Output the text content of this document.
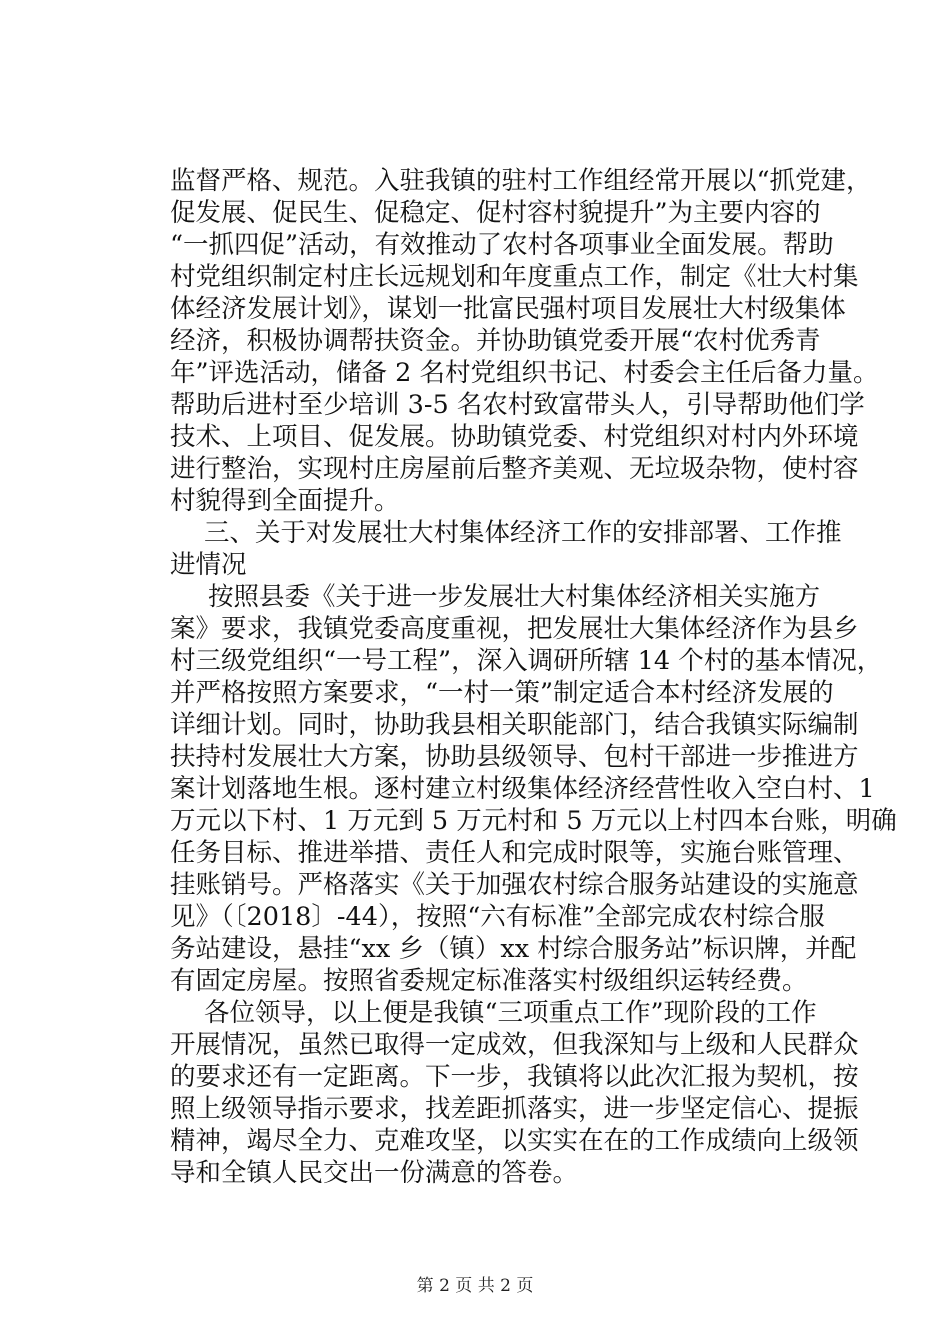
监督严格、规范。入驻我镇的驻村工作组经常开展以“抓党建，
促发展、促民生、促稳定、促村容村貌提升”为主要内容的
“一抓四促”活动，有效推动了农村各项事业全面发展。帮助
村党组织制定村庄长远规划和年度重点工作，制定《壮大村集
体经济发展计划》，谋划一批富民强村项目发展壮大村级集体
经济，积极协调帮扶资金。并协助镇党委开展“农村优秀青
年”评选活动，储备 2 名村党组织书记、村委会主任后备力量。
帮助后进村至少培训 3-5 名农村致富带头人，引导帮助他们学
技术、上项目、促发展。协助镇党委、村党组织对村内外环境
进行整治，实现村庄房屋前后整齐美观、无垃圾杂物，使村容
村貌得到全面提升。
三、关于对发展壮大村集体经济工作的安排部署、工作推
进情况
按照县委《关于进一步发展壮大村集体经济相关实施方
案》要求，我镇党委高度重视，把发展壮大集体经济作为县乡
村三级党组织“一号工程”，深入调研所辖 14 个村的基本情况，
并严格按照方案要求，“一村一策”制定适合本村经济发展的
详细计划。同时，协助我县相关职能部门，结合我镇实际编制
扶持村发展壮大方案，协助县级领导、包村干部进一步推进方
案计划落地生根。逐村建立村级集体经济经营性收入空白村、1
万元以下村、1 万元到 5 万元村和 5 万元以上村四本台账，明确
任务目标、推进举措、责任人和完成时限等，实施台账管理、
挂账销号。严格落实《关于加强农村综合服务站建设的实施意
见》（〔2018〕-44），按照“六有标准”全部完成农村综合服
务站建设，悬挂“xx 乡（镇）xx 村综合服务站”标识牌，并配
有固定房屋。按照省委规定标准落实村级组织运转经费。
各位领导，以上便是我镇“三项重点工作”现阶段的工作
开展情况，虽然已取得一定成效，但我深知与上级和人民群众
的要求还有一定距离。下一步，我镇将以此次汇报为契机，按
照上级领导指示要求，找差距抓落实，进一步坚定信心、提振
精神，竭尽全力、克难攻坚，以实实在在的工作成绩向上级领
导和全镇人民交出一份满意的答卷。
第 2 页 共 2 页
